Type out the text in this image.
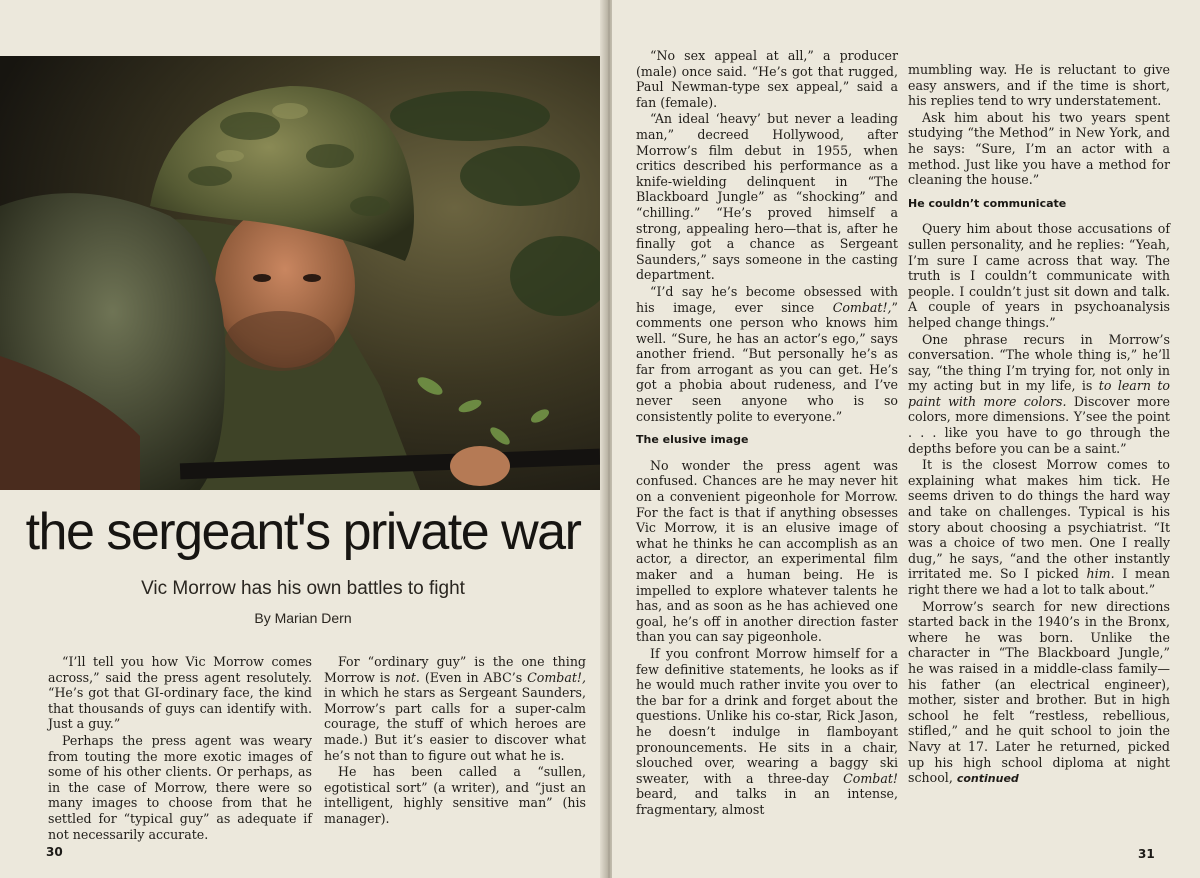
the sergeant's private war
Vic Morrow has his own battles to fight
By Marian Dern

“I’ll tell you how Vic Morrow comes across,” said the press agent resolutely. “He’s got that GI-ordinary face, the kind that thousands of guys can identify with. Just a guy.”

Perhaps the press agent was weary from touting the more exotic images of some of his other clients. Or perhaps, as in the case of Morrow, there were so many images to choose from that he settled for “typical guy” as adequate if not necessarily accurate.

For “ordinary guy” is the one thing Morrow is not. (Even in ABC’s Combat!, in which he stars as Sergeant Saunders, Morrow’s part calls for a super-calm courage, the stuff of which heroes are made.) But it’s easier to discover what he’s not than to figure out what he is.

He has been called a “sullen, egotistical sort” (a writer), and “just an intelligent, highly sensitive man” (his manager).

30

“No sex appeal at all,” a producer (male) once said. “He’s got that rugged, Paul Newman-type sex appeal,” said a fan (female).

“An ideal ‘heavy’ but never a leading man,” decreed Hollywood, after Morrow’s film debut in 1955, when critics described his performance as a knife-wielding delinquent in “The Blackboard Jungle” as “shocking” and “chilling.” “He’s proved himself a strong, appealing hero—that is, after he finally got a chance as Sergeant Saunders,” says someone in the casting department.

“I’d say he’s become obsessed with his image, ever since Combat!,” comments one person who knows him well. “Sure, he has an actor’s ego,” says another friend. “But personally he’s as far from arrogant as you can get. He’s got a phobia about rudeness, and I’ve never seen anyone who is so consistently polite to everyone.”

The elusive image

No wonder the press agent was confused. Chances are he may never hit on a convenient pigeonhole for Morrow. For the fact is that if anything obsesses Vic Morrow, it is an elusive image of what he thinks he can accomplish as an actor, a director, an experimental film maker and a human being. He is impelled to explore whatever talents he has, and as soon as he has achieved one goal, he’s off in another direction faster than you can say pigeonhole.

If you confront Morrow himself for a few definitive statements, he looks as if he would much rather invite you over to the bar for a drink and forget about the questions. Unlike his co-star, Rick Jason, he doesn’t indulge in flamboyant pronouncements. He sits in a chair, slouched over, wearing a baggy ski sweater, with a three-day Combat! beard, and talks in an intense, fragmentary, almost

mumbling way. He is reluctant to give easy answers, and if the time is short, his replies tend to wry understatement.

Ask him about his two years spent studying “the Method” in New York, and he says: “Sure, I’m an actor with a method. Just like you have a method for cleaning the house.”

He couldn’t communicate

Query him about those accusations of sullen personality, and he replies: “Yeah, I’m sure I came across that way. The truth is I couldn’t communicate with people. I couldn’t just sit down and talk. A couple of years in psychoanalysis helped change things.”

One phrase recurs in Morrow’s conversation. “The whole thing is,” he’ll say, “the thing I’m trying for, not only in my acting but in my life, is to learn to paint with more colors. Discover more colors, more dimensions. Y’see the point . . . like you have to go through the depths before you can be a saint.”

It is the closest Morrow comes to explaining what makes him tick. He seems driven to do things the hard way and take on challenges. Typical is his story about choosing a psychiatrist. “It was a choice of two men. One I really dug,” he says, “and the other instantly irritated me. So I picked him. I mean right there we had a lot to talk about.”

Morrow’s search for new directions started back in the 1940’s in the Bronx, where he was born. Unlike the character in “The Blackboard Jungle,” he was raised in a middle-class family—his father (an electrical engineer), mother, sister and brother. But in high school he felt “restless, rebellious, stifled,” and he quit school to join the Navy at 17. Later he returned, picked up his high school diploma at night school, continued

31
